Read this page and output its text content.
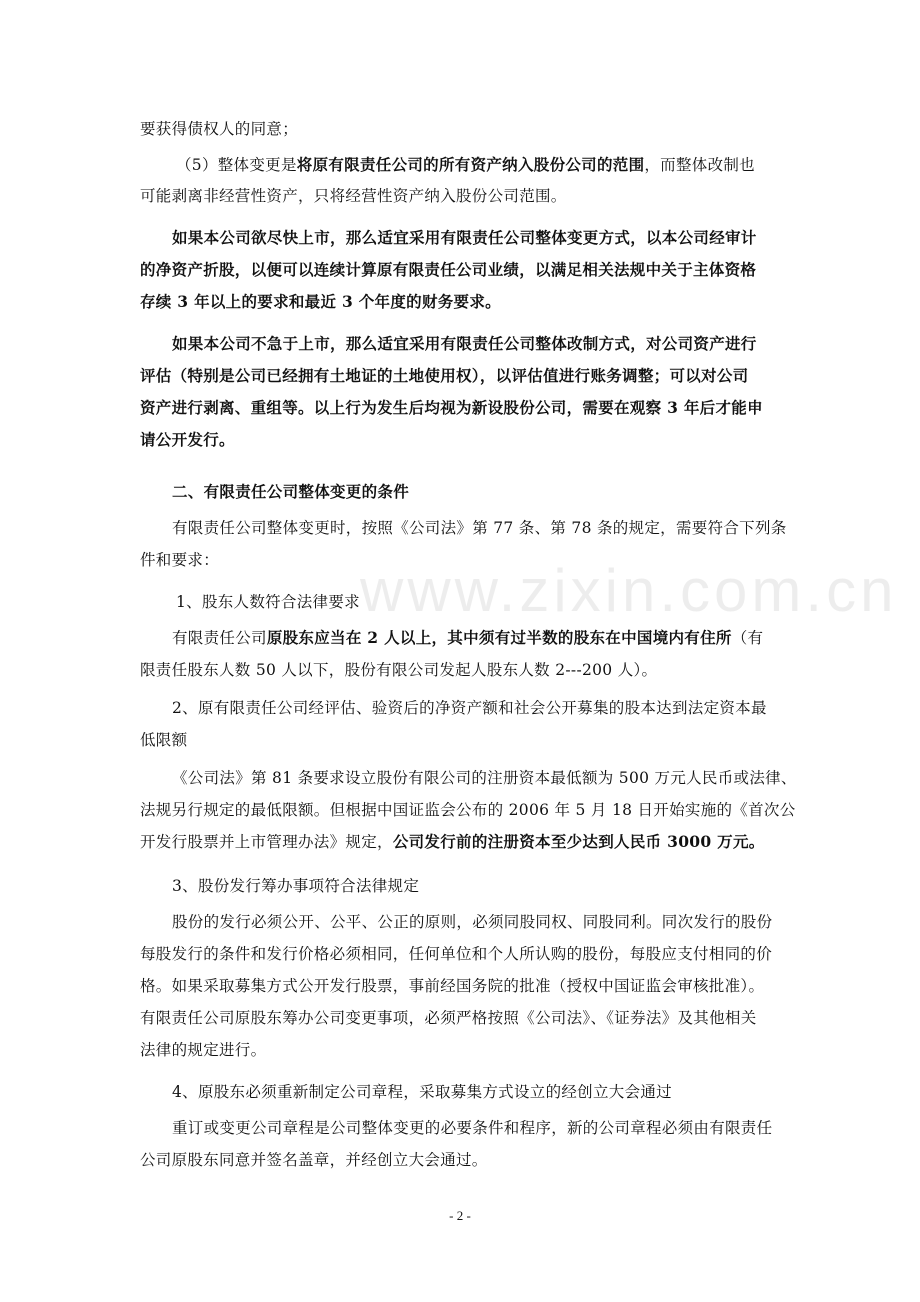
www.zixin.com.cn
要获得债权人的同意；
（5）整体变更是将原有限责任公司的所有资产纳入股份公司的范围，而整体改制也
可能剥离非经营性资产，只将经营性资产纳入股份公司范围。
如果本公司欲尽快上市，那么适宜采用有限责任公司整体变更方式，以本公司经审计
的净资产折股，以便可以连续计算原有限责任公司业绩，以满足相关法规中关于主体资格
存续 3 年以上的要求和最近 3 个年度的财务要求。
如果本公司不急于上市，那么适宜采用有限责任公司整体改制方式，对公司资产进行
评估（特别是公司已经拥有土地证的土地使用权），以评估值进行账务调整；可以对公司
资产进行剥离、重组等。以上行为发生后均视为新设股份公司，需要在观察 3 年后才能申
请公开发行。
二、有限责任公司整体变更的条件
有限责任公司整体变更时，按照《公司法》第 77 条、第 78 条的规定，需要符合下列条
件和要求：
1、股东人数符合法律要求
有限责任公司原股东应当在 2 人以上，其中须有过半数的股东在中国境内有住所（有
限责任股东人数 50 人以下，股份有限公司发起人股东人数 2---200 人）。
2、原有限责任公司经评估、验资后的净资产额和社会公开募集的股本达到法定资本最
低限额
《公司法》第 81 条要求设立股份有限公司的注册资本最低额为 500 万元人民币或法律、
法规另行规定的最低限额。但根据中国证监会公布的 2006 年 5 月 18 日开始实施的《首次公
开发行股票并上市管理办法》规定，公司发行前的注册资本至少达到人民币 3000 万元。
3、股份发行筹办事项符合法律规定
股份的发行必须公开、公平、公正的原则，必须同股同权、同股同利。同次发行的股份
每股发行的条件和发行价格必须相同，任何单位和个人所认购的股份，每股应支付相同的价
格。如果采取募集方式公开发行股票，事前经国务院的批准（授权中国证监会审核批准）。
有限责任公司原股东筹办公司变更事项，必须严格按照《公司法》、《证券法》及其他相关
法律的规定进行。
4、原股东必须重新制定公司章程，采取募集方式设立的经创立大会通过
重订或变更公司章程是公司整体变更的必要条件和程序，新的公司章程必须由有限责任
公司原股东同意并签名盖章，并经创立大会通过。
- 2 -
